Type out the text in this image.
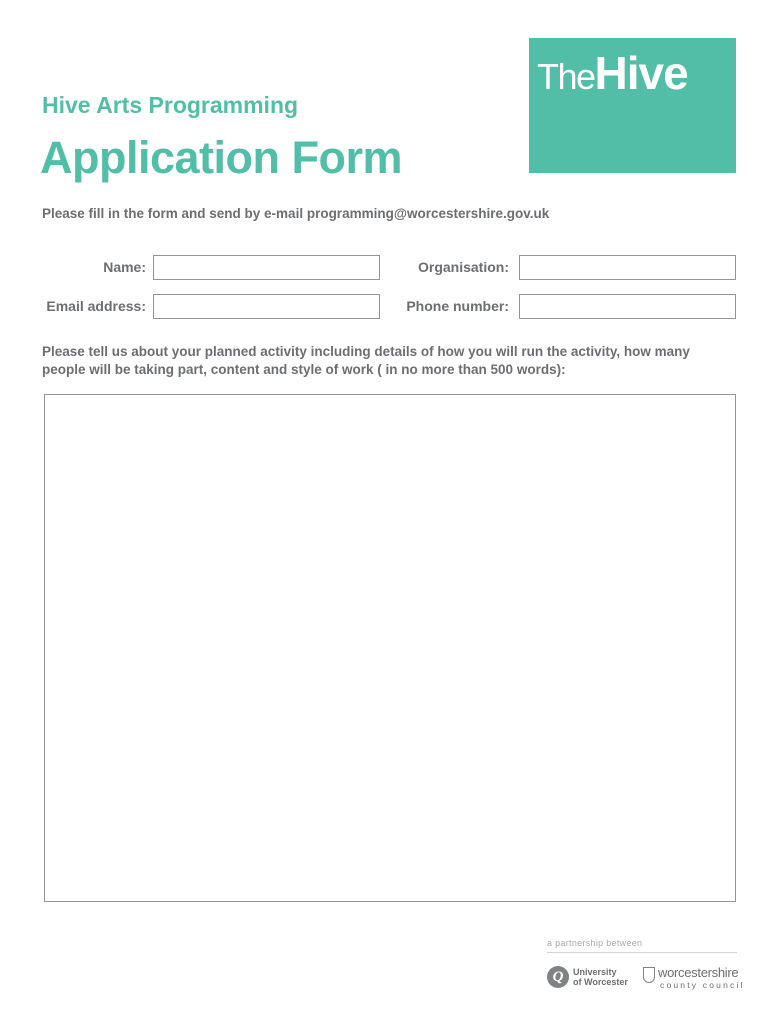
TheHive
Hive Arts Programming
Application Form
Please fill in the form and send by e-mail programming@worcestershire.gov.uk
Name:	Organisation:
Email address:	Phone number:
Please tell us about your planned activity including details of how you will run the activity, how many people will be taking part, content and style of work ( in no more than 500 words):
a partnership between
Q	University
of Worcester
worcestershire
county council
